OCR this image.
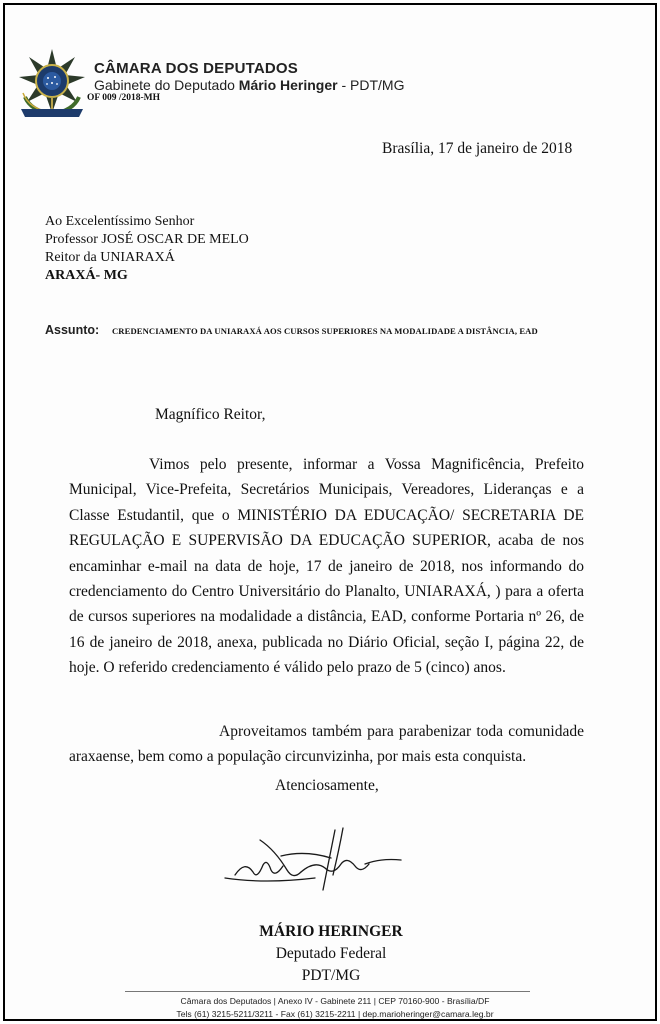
CÂMARA DOS DEPUTADOS
Gabinete do Deputado Mário Heringer - PDT/MG
OF 009 /2018-MH
Brasília, 17 de janeiro de 2018
Ao Excelentíssimo Senhor
Professor JOSÉ OSCAR DE MELO
Reitor da UNIARAXÁ
ARAXÁ- MG
Assunto: CREDENCIAMENTO DA UNIARAXÁ AOS CURSOS SUPERIORES NA MODALIDADE A DISTÂNCIA, EAD
Magnífico Reitor,
Vimos pelo presente, informar a Vossa Magnificência, Prefeito Municipal, Vice-Prefeita, Secretários Municipais, Vereadores, Lideranças e a Classe Estudantil, que o MINISTÉRIO DA EDUCAÇÃO/ SECRETARIA DE REGULAÇÃO E SUPERVISÃO DA EDUCAÇÃO SUPERIOR, acaba de nos encaminhar e-mail na data de hoje, 17 de janeiro de 2018, nos informando do credenciamento do Centro Universitário do Planalto, UNIARAXÁ, ) para a oferta de cursos superiores na modalidade a distância, EAD, conforme Portaria nº 26, de 16 de janeiro de 2018, anexa, publicada no Diário Oficial, seção I, página 22, de hoje. O referido credenciamento é válido pelo prazo de 5 (cinco) anos.
Aproveitamos também para parabenizar toda comunidade araxaense, bem como a população circunvizinha, por mais esta conquista.
Atenciosamente,
MÁRIO HERINGER
Deputado Federal
PDT/MG
Câmara dos Deputados | Anexo IV - Gabinete 211 | CEP 70160-900 - Brasília/DF
Tels (61) 3215-5211/3211 - Fax (61) 3215-2211 | dep.marioheringer@camara.leg.br
